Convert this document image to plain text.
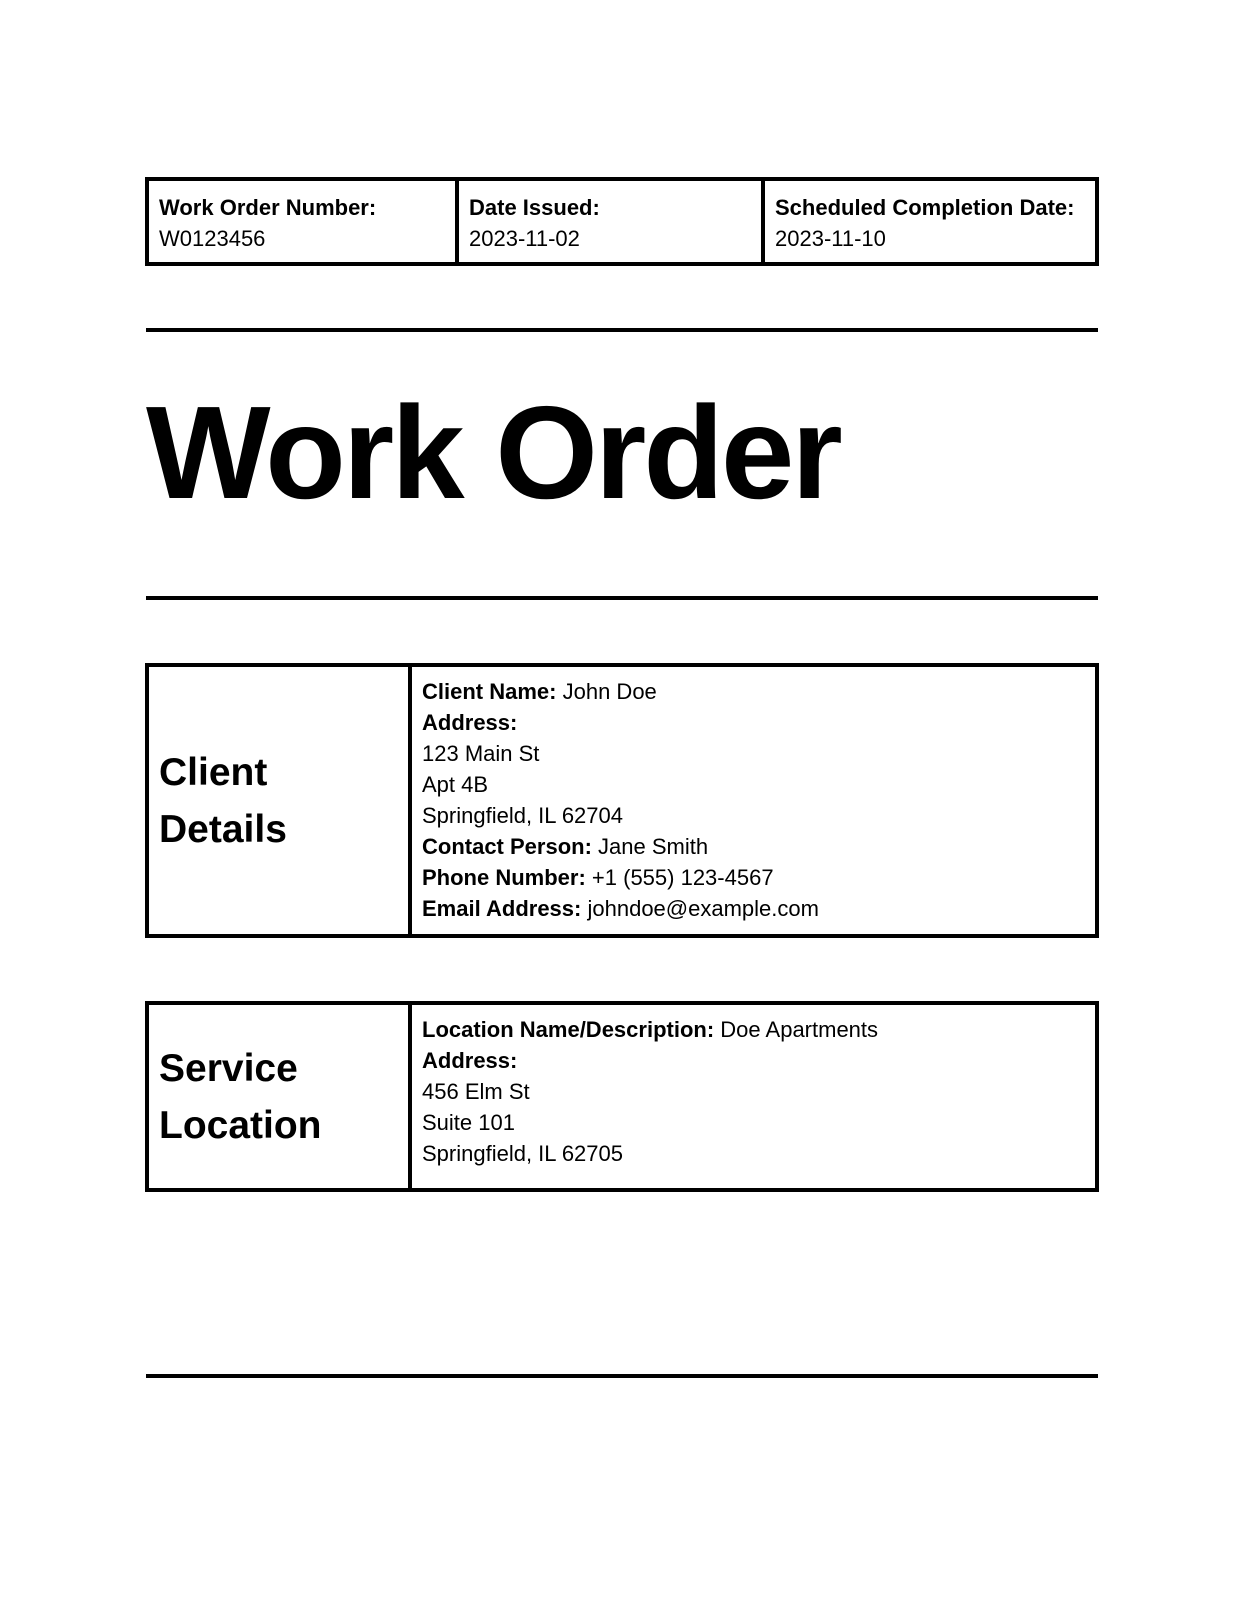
Work Order Number:
W0123456
Date Issued:
2023-11-02
Scheduled Completion Date:
2023-11-10
Work Order

Client
Details

Client Name: John Doe
Address:
123 Main St
Apt 4B
Springfield, IL 62704
Contact Person: Jane Smith
Phone Number: +1 (555) 123-4567
Email Address: johndoe@example.com

Service
Location

Location Name/Description: Doe Apartments
Address:
456 Elm St
Suite 101
Springfield, IL 62705
